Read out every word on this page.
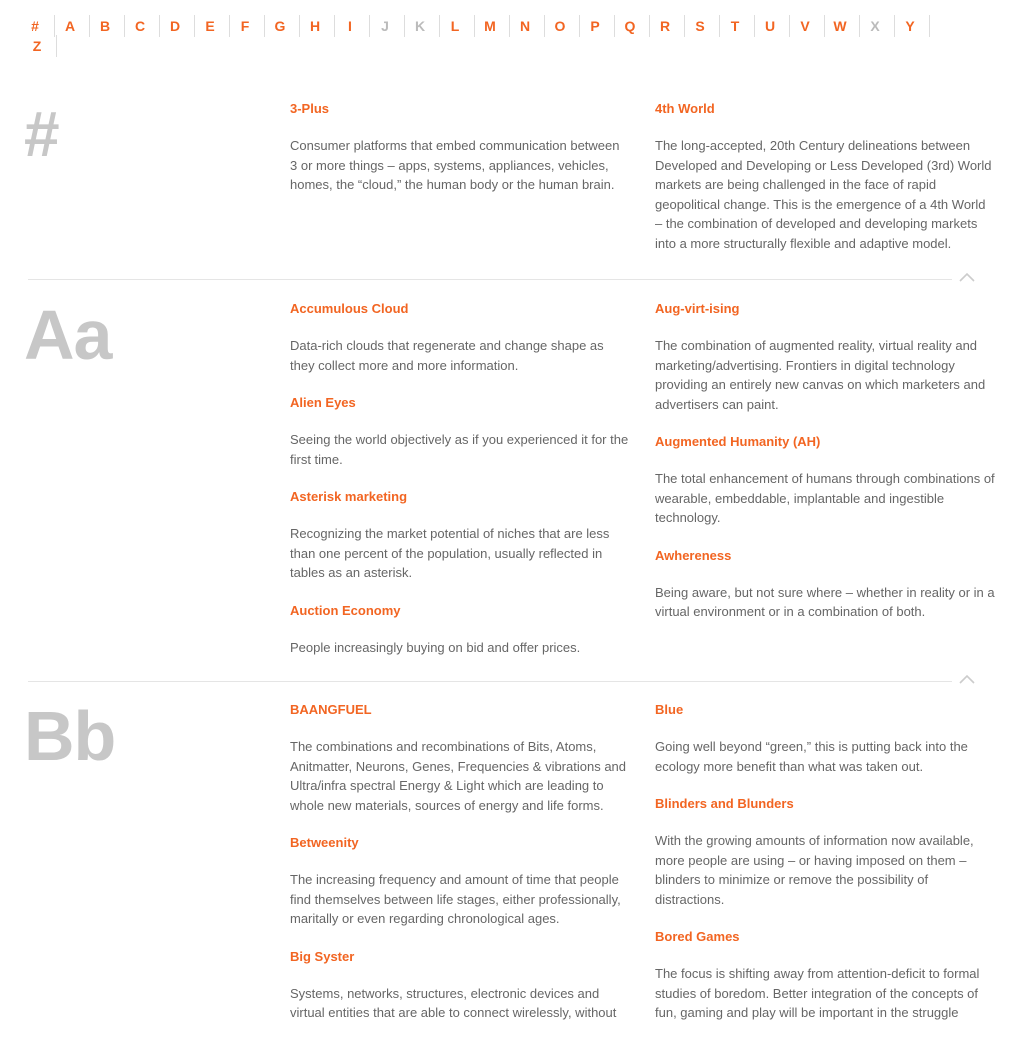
#	A	B	C	D	E	F	G	H	I	J	K	L	M	N	O	P	Q	R	S	T	U	V	W	X	Y
Z
#	3-Plus
Consumer platforms that embed communication between 3 or more things – apps, systems, appliances, vehicles, homes, the “cloud,” the human body or the human brain.
4th World
The long-accepted, 20th Century delineations between Developed and Developing or Less Developed (3rd) World markets are being challenged in the face of rapid geopolitical change. This is the emergence of a 4th World – the combination of developed and developing markets into a more structurally flexible and adaptive model.
Aa	Accumulous Cloud
Data-rich clouds that regenerate and change shape as they collect more and more information.
Alien Eyes
Seeing the world objectively as if you experienced it for the first time.
Asterisk marketing
Recognizing the market potential of niches that are less than one percent of the population, usually reflected in tables as an asterisk.
Auction Economy
People increasingly buying on bid and offer prices.
Aug-virt-ising
The combination of augmented reality, virtual reality and marketing/advertising. Frontiers in digital technology providing an entirely new canvas on which marketers and advertisers can paint.
Augmented Humanity (AH)
The total enhancement of humans through combinations of wearable, embeddable, implantable and ingestible technology.
Awhereness
Being aware, but not sure where – whether in reality or in a virtual environment or in a combination of both.
Bb	BAANGFUEL
The combinations and recombinations of Bits, Atoms, Anitmatter, Neurons, Genes, Frequencies & vibrations and Ultra/infra spectral Energy & Light which are leading to whole new materials, sources of energy and life forms.
Betweenity
The increasing frequency and amount of time that people find themselves between life stages, either professionally, maritally or even regarding chronological ages.
Big Syster
Systems, networks, structures, electronic devices and virtual entities that are able to connect wirelessly, without
Blue
Going well beyond “green,” this is putting back into the ecology more benefit than what was taken out.
Blinders and Blunders
With the growing amounts of information now available, more people are using – or having imposed on them – blinders to minimize or remove the possibility of distractions.
Bored Games
The focus is shifting away from attention-deficit to formal studies of boredom. Better integration of the concepts of fun, gaming and play will be important in the struggle
